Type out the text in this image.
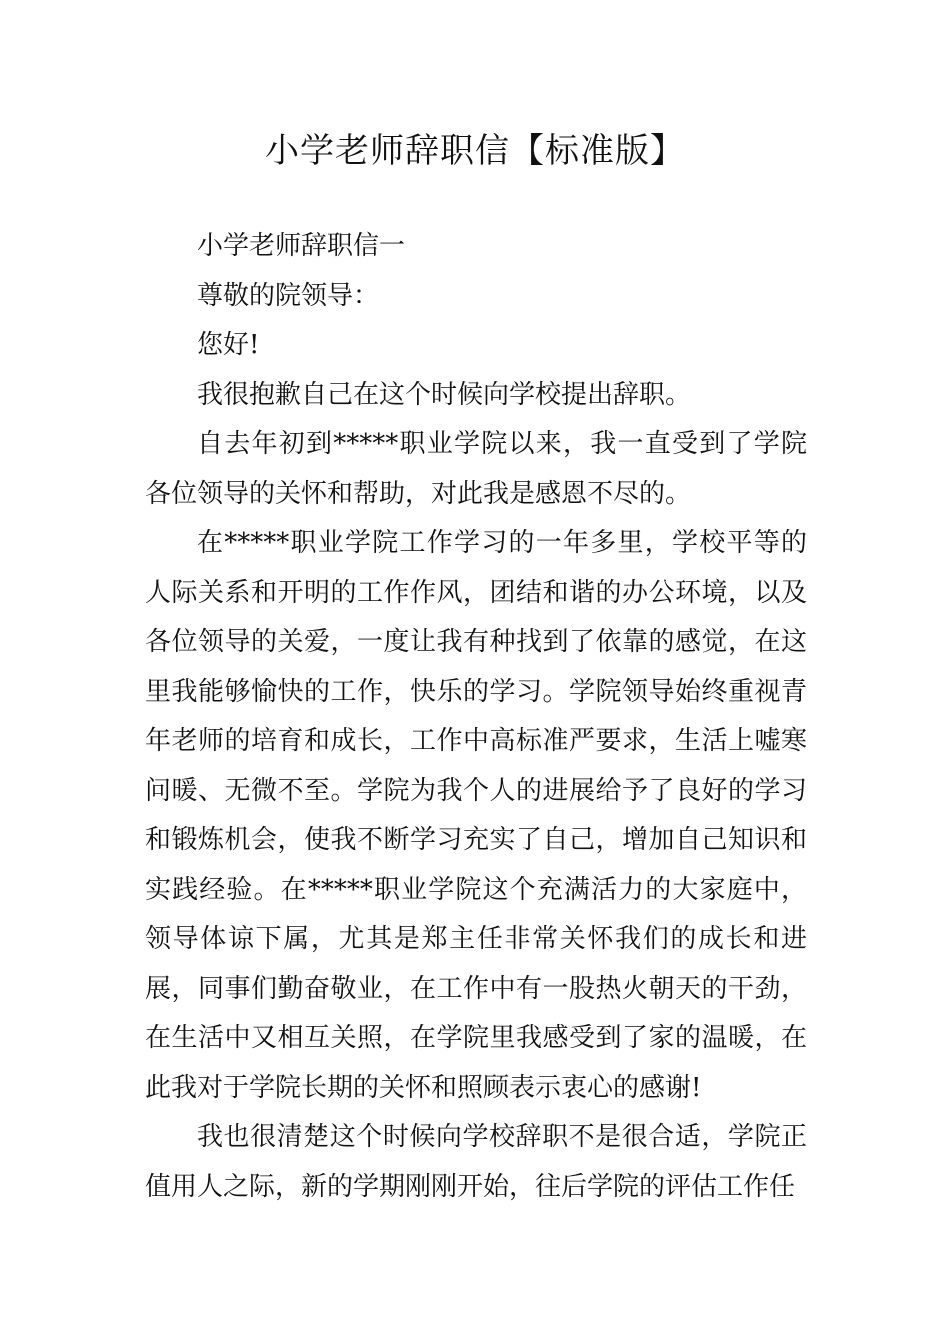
小学老师辞职信【标准版】

小学老师辞职信一

尊敬的院领导：

您好!

我很抱歉自己在这个时候向学校提出辞职。

自去年初到*****职业学院以来，我一直受到了学院各位领导的关怀和帮助，对此我是感恩不尽的。

在*****职业学院工作学习的一年多里，学校平等的人际关系和开明的工作作风，团结和谐的办公环境，以及各位领导的关爱，一度让我有种找到了依靠的感觉，在这里我能够愉快的工作，快乐的学习。学院领导始终重视青年老师的培育和成长，工作中高标准严要求，生活上嘘寒问暖、无微不至。学院为我个人的进展给予了良好的学习和锻炼机会，使我不断学习充实了自己，增加自己知识和实践经验。在*****职业学院这个充满活力的大家庭中，领导体谅下属，尤其是郑主任非常关怀我们的成长和进展，同事们勤奋敬业，在工作中有一股热火朝天的干劲，在生活中又相互关照，在学院里我感受到了家的温暖，在此我对于学院长期的关怀和照顾表示衷心的感谢!

我也很清楚这个时候向学校辞职不是很合适，学院正值用人之际，新的学期刚刚开始，往后学院的评估工作任
